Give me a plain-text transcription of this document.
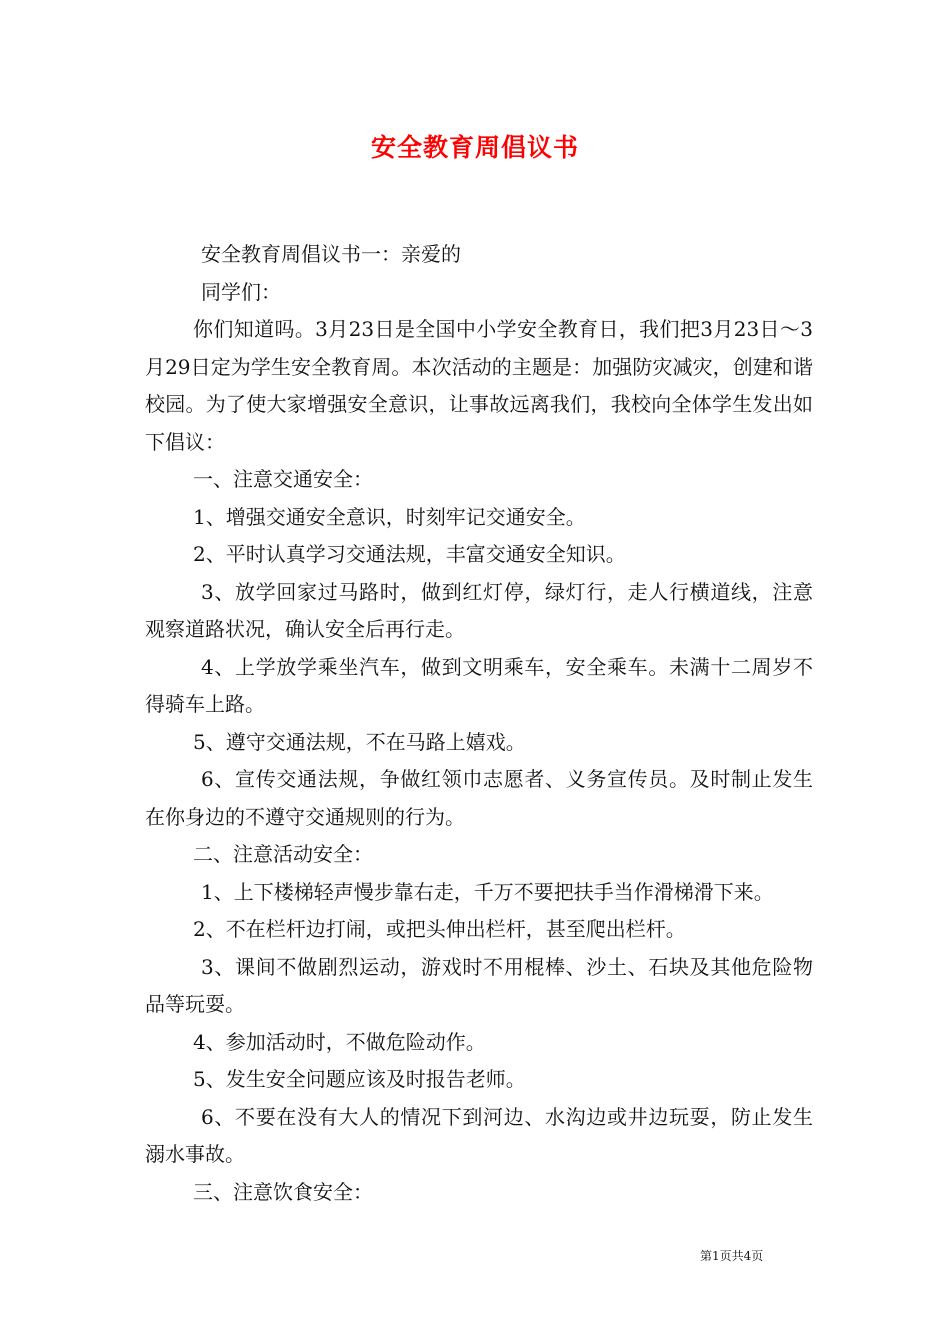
安全教育周倡议书

安全教育周倡议书一：亲爱的

同学们：

你们知道吗。3月23日是全国中小学安全教育日，我们把3月23日～3月29日定为学生安全教育周。本次活动的主题是：加强防灾减灾，创建和谐校园。为了使大家增强安全意识，让事故远离我们，我校向全体学生发出如下倡议：

一、注意交通安全：

1、增强交通安全意识，时刻牢记交通安全。

2、平时认真学习交通法规，丰富交通安全知识。

3、放学回家过马路时，做到红灯停，绿灯行，走人行横道线，注意观察道路状况，确认安全后再行走。

4、上学放学乘坐汽车，做到文明乘车，安全乘车。未满十二周岁不得骑车上路。

5、遵守交通法规，不在马路上嬉戏。

6、宣传交通法规，争做红领巾志愿者、义务宣传员。及时制止发生在你身边的不遵守交通规则的行为。

二、注意活动安全：

1、上下楼梯轻声慢步靠右走，千万不要把扶手当作滑梯滑下来。

2、不在栏杆边打闹，或把头伸出栏杆，甚至爬出栏杆。

3、课间不做剧烈运动，游戏时不用棍棒、沙土、石块及其他危险物品等玩耍。

4、参加活动时，不做危险动作。

5、发生安全问题应该及时报告老师。

6、不要在没有大人的情况下到河边、水沟边或井边玩耍，防止发生溺水事故。

三、注意饮食安全：

第1页共4页
